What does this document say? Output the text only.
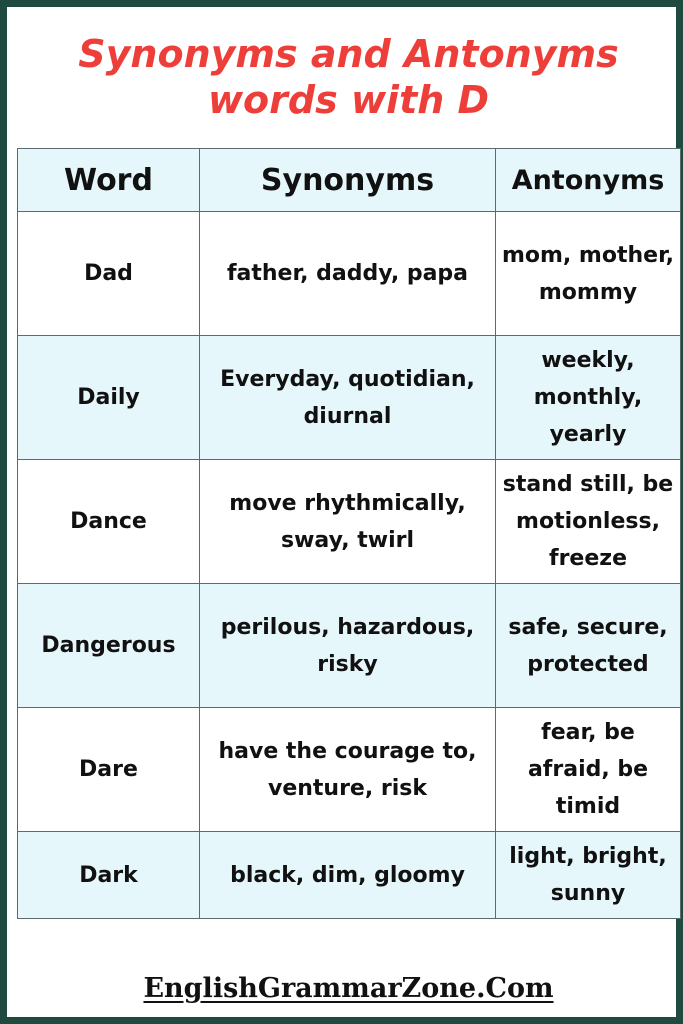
Synonyms and Antonyms
words with D
Word	Synonyms	Antonyms
Dad	father, daddy, papa	mom, mother, mommy
Daily	Everyday, quotidian, diurnal	weekly, monthly, yearly
Dance	move rhythmically, sway, twirl	stand still, be motionless, freeze
Dangerous	perilous, hazardous, risky	safe, secure, protected
Dare	have the courage to, venture, risk	fear, be afraid, be timid
Dark	black, dim, gloomy	light, bright, sunny
EnglishGrammarZone.Com
